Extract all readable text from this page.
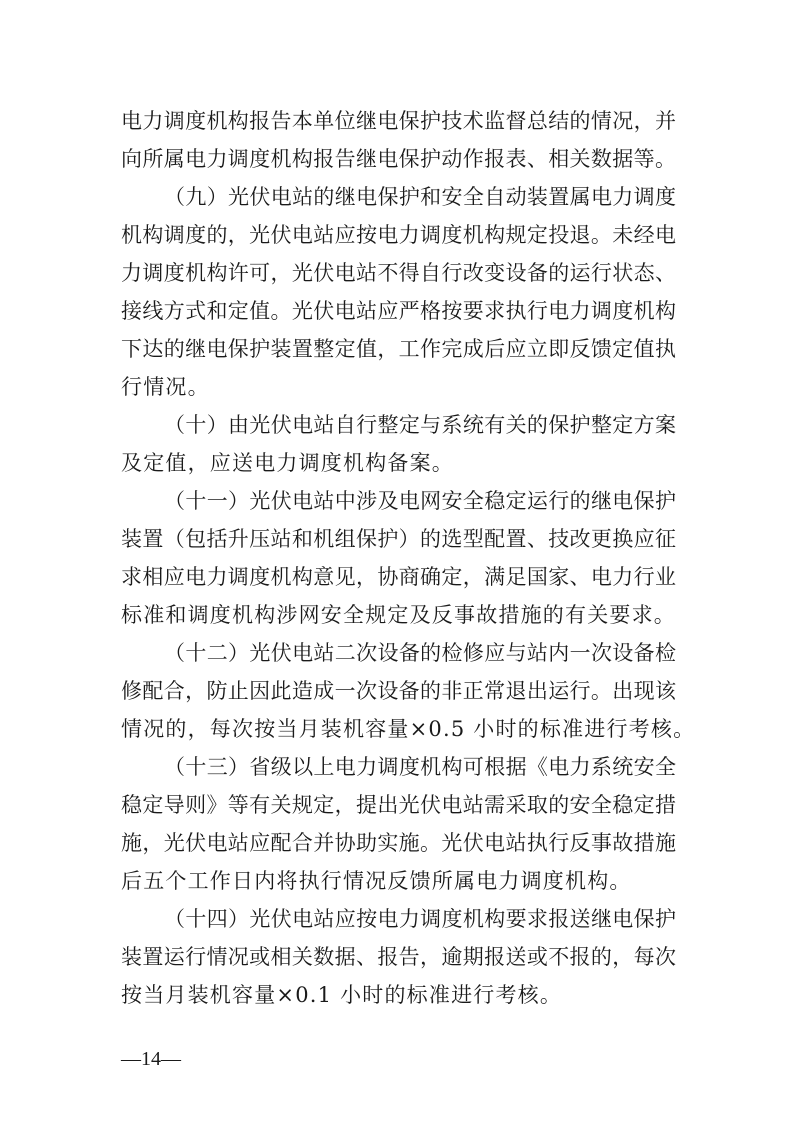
电力调度机构报告本单位继电保护技术监督总结的情况，并
向所属电力调度机构报告继电保护动作报表、相关数据等。
（九）光伏电站的继电保护和安全自动装置属电力调度
机构调度的，光伏电站应按电力调度机构规定投退。未经电
力调度机构许可，光伏电站不得自行改变设备的运行状态、
接线方式和定值。光伏电站应严格按要求执行电力调度机构
下达的继电保护装置整定值，工作完成后应立即反馈定值执
行情况。
（十）由光伏电站自行整定与系统有关的保护整定方案
及定值，应送电力调度机构备案。
（十一）光伏电站中涉及电网安全稳定运行的继电保护
装置（包括升压站和机组保护）的选型配置、技改更换应征
求相应电力调度机构意见，协商确定，满足国家、电力行业
标准和调度机构涉网安全规定及反事故措施的有关要求。
（十二）光伏电站二次设备的检修应与站内一次设备检
修配合，防止因此造成一次设备的非正常退出运行。出现该
情况的，每次按当月装机容量×0.5 小时的标准进行考核。
（十三）省级以上电力调度机构可根据《电力系统安全
稳定导则》等有关规定，提出光伏电站需采取的安全稳定措
施，光伏电站应配合并协助实施。光伏电站执行反事故措施
后五个工作日内将执行情况反馈所属电力调度机构。
（十四）光伏电站应按电力调度机构要求报送继电保护
装置运行情况或相关数据、报告，逾期报送或不报的，每次
按当月装机容量×0.1 小时的标准进行考核。
—14—
